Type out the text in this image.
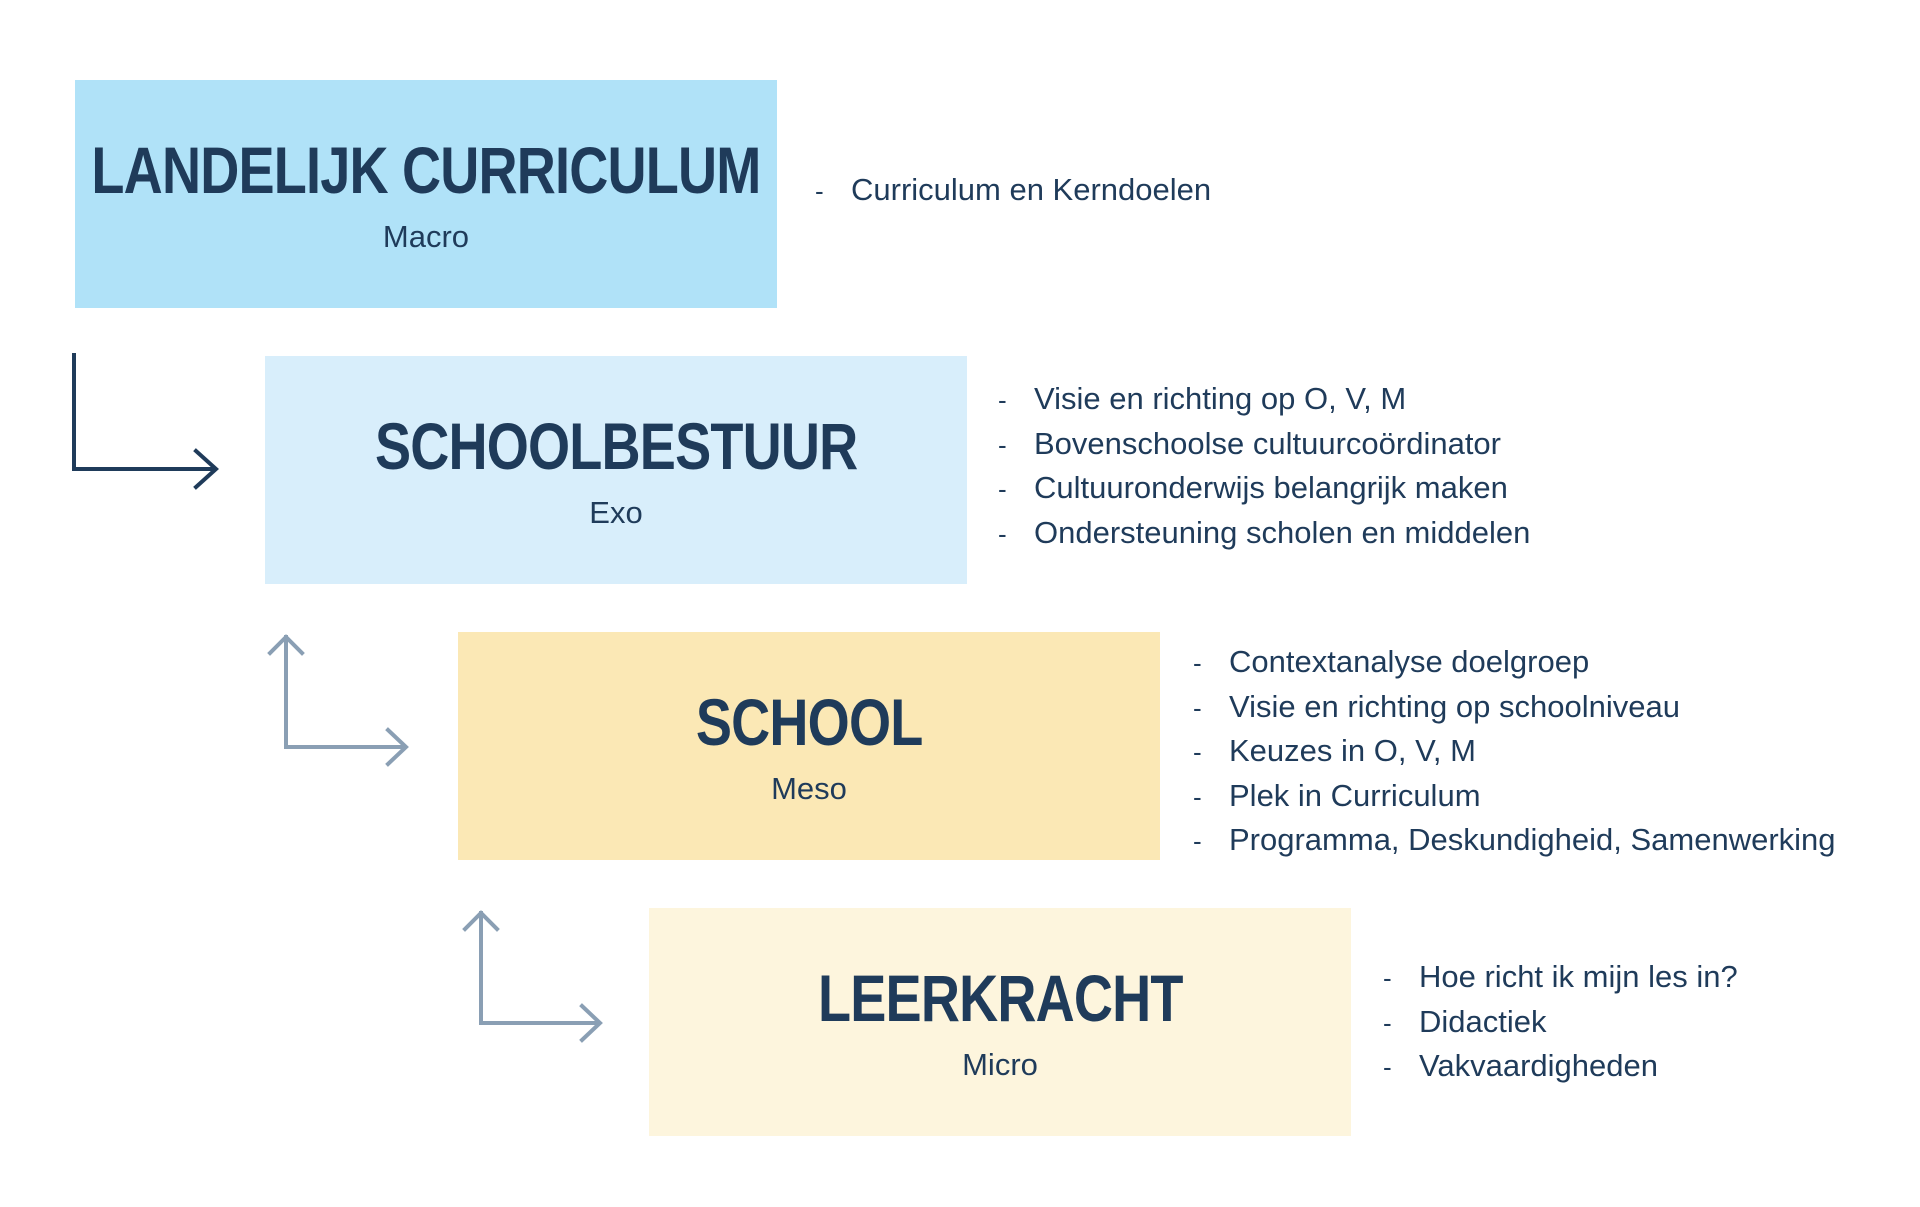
LANDELIJK CURRICULUM
Macro
SCHOOLBESTUUR
Exo
SCHOOL
Meso
LEERKRACHT
Micro
- Curriculum en Kerndoelen
- Visie en richting op O, V, M
- Bovenschoolse cultuurcoördinator
- Cultuuronderwijs belangrijk maken
- Ondersteuning scholen en middelen
- Contextanalyse doelgroep
- Visie en richting op schoolniveau
- Keuzes in O, V, M
- Plek in Curriculum
- Programma, Deskundigheid, Samenwerking
- Hoe richt ik mijn les in?
- Didactiek
- Vakvaardigheden
